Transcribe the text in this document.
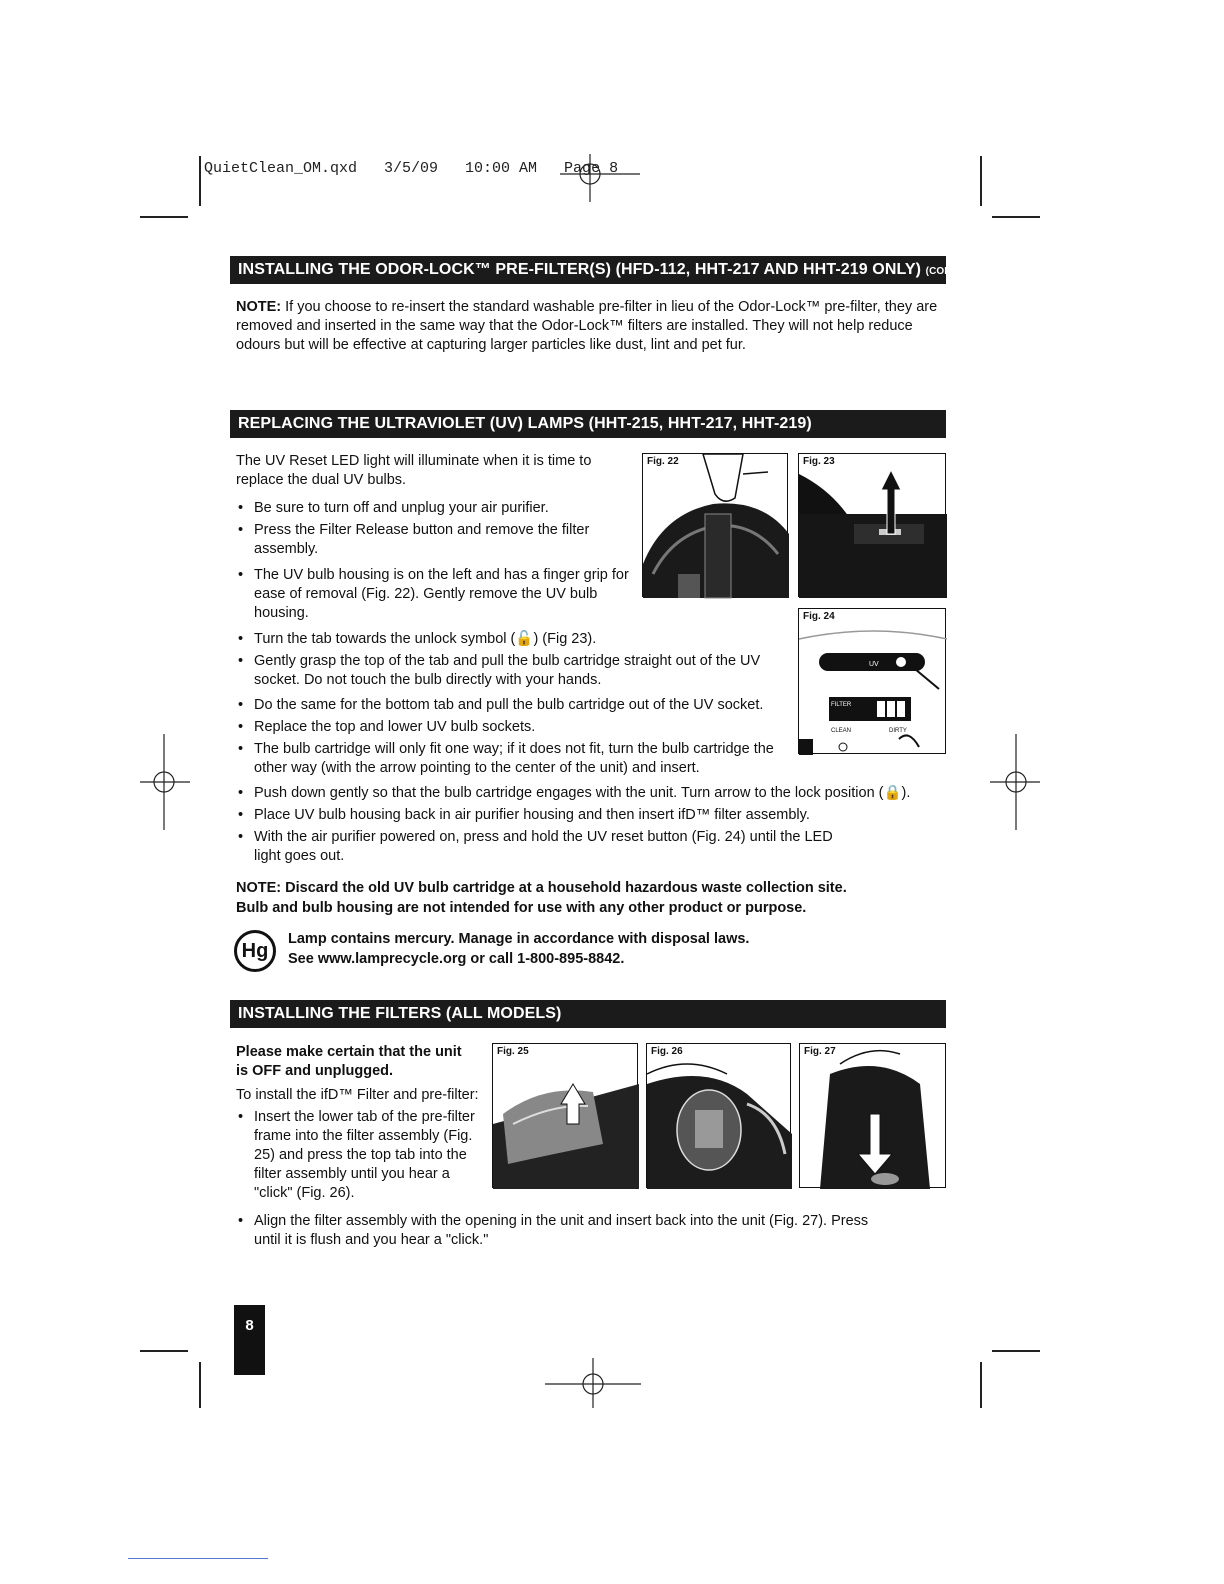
QuietClean_OM.qxd   3/5/09   10:00 AM   Page 8
INSTALLING THE ODOR-LOCK™ PRE-FILTER(S) (HFD-112, HHT-217 AND HHT-219 ONLY) (CONTINUED)
NOTE: If you choose to re-insert the standard washable pre-filter in lieu of the Odor-Lock™ pre-filter, they are removed and inserted in the same way that the Odor-Lock™ filters are installed. They will not help reduce odours but will be effective at capturing larger particles like dust, lint and pet fur.
REPLACING THE ULTRAVIOLET (UV) LAMPS (HHT-215, HHT-217, HHT-219)
The UV Reset LED light will illuminate when it is time to replace the dual UV bulbs.
• Be sure to turn off and unplug your air purifier.
• Press the Filter Release button and remove the filter assembly.
• The UV bulb housing is on the left and has a finger grip for ease of removal (Fig. 22). Gently remove the UV bulb housing.
• Turn the tab towards the unlock symbol (🔓) (Fig 23).
• Gently grasp the top of the tab and pull the bulb cartridge straight out of the UV socket. Do not touch the bulb directly with your hands.
• Do the same for the bottom tab and pull the bulb cartridge out of the UV socket.
• Replace the top and lower UV bulb sockets.
• The bulb cartridge will only fit one way; if it does not fit, turn the bulb cartridge the other way (with the arrow pointing to the center of the unit) and insert.
• Push down gently so that the bulb cartridge engages with the unit. Turn arrow to the lock position (🔒).
• Place UV bulb housing back in air purifier housing and then insert ifD™ filter assembly.
• With the air purifier powered on, press and hold the UV reset button (Fig. 24) until the LED light goes out.
Fig. 22	Fig. 23
Fig. 24
UV
FILTER
CLEAN	DIRTY
NOTE: Discard the old UV bulb cartridge at a household hazardous waste collection site.
Bulb and bulb housing are not intended for use with any other product or purpose.
Hg
Lamp contains mercury. Manage in accordance with disposal laws.
See www.lamprecycle.org or call 1-800-895-8842.
INSTALLING THE FILTERS (ALL MODELS)
Please make certain that the unit
is OFF and unplugged.
To install the ifD™ Filter and pre-filter:
• Insert the lower tab of the pre-filter frame into the filter assembly (Fig. 25) and press the top tab into the filter assembly until you hear a "click" (Fig. 26).
• Align the filter assembly with the opening in the unit and insert back into the unit (Fig. 27). Press until it is flush and you hear a "click."
Fig. 25	Fig. 26	Fig. 27
8
